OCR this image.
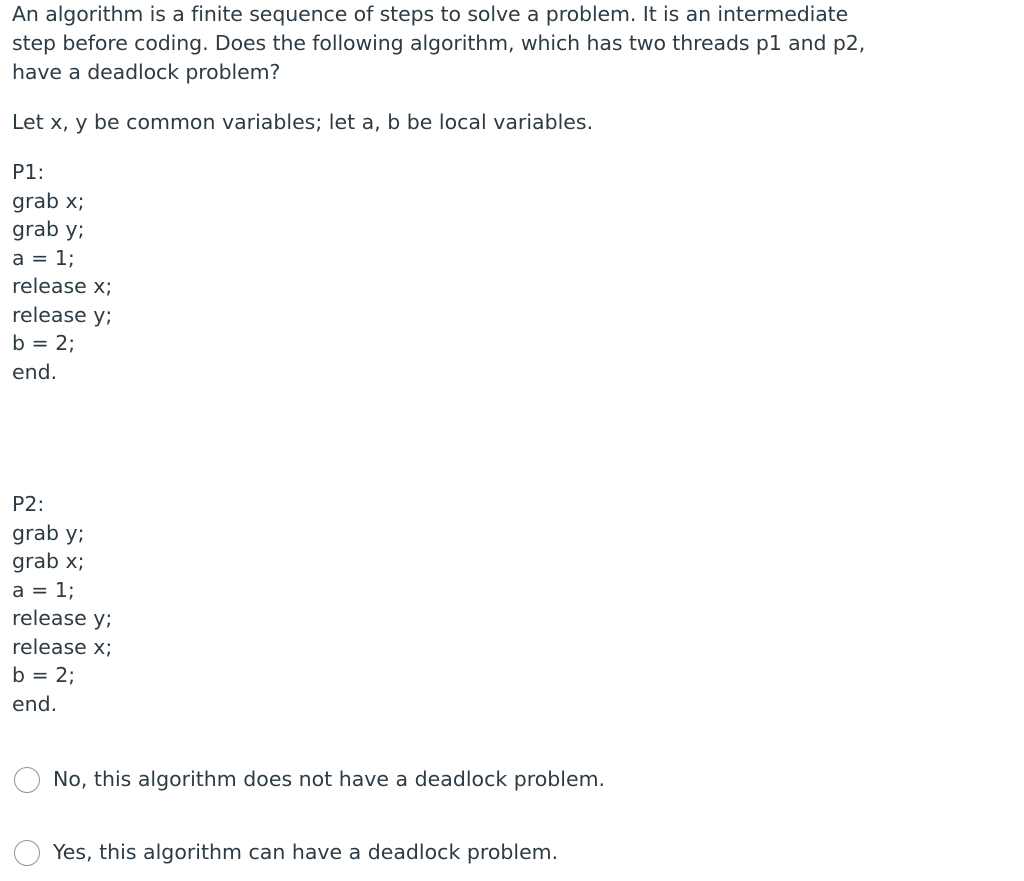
An algorithm is a finite sequence of steps to solve a problem. It is an intermediate
step before coding. Does the following algorithm, which has two threads p1 and p2,
have a deadlock problem?

Let x, y be common variables; let a, b be local variables.
P1:
grab x;
grab y;
a = 1;
release x;
release y;
b = 2;
end.
P2:
grab y;
grab x;
a = 1;
release y;
release x;
b = 2;
end.
No, this algorithm does not have a deadlock problem.
Yes, this algorithm can have a deadlock problem.
